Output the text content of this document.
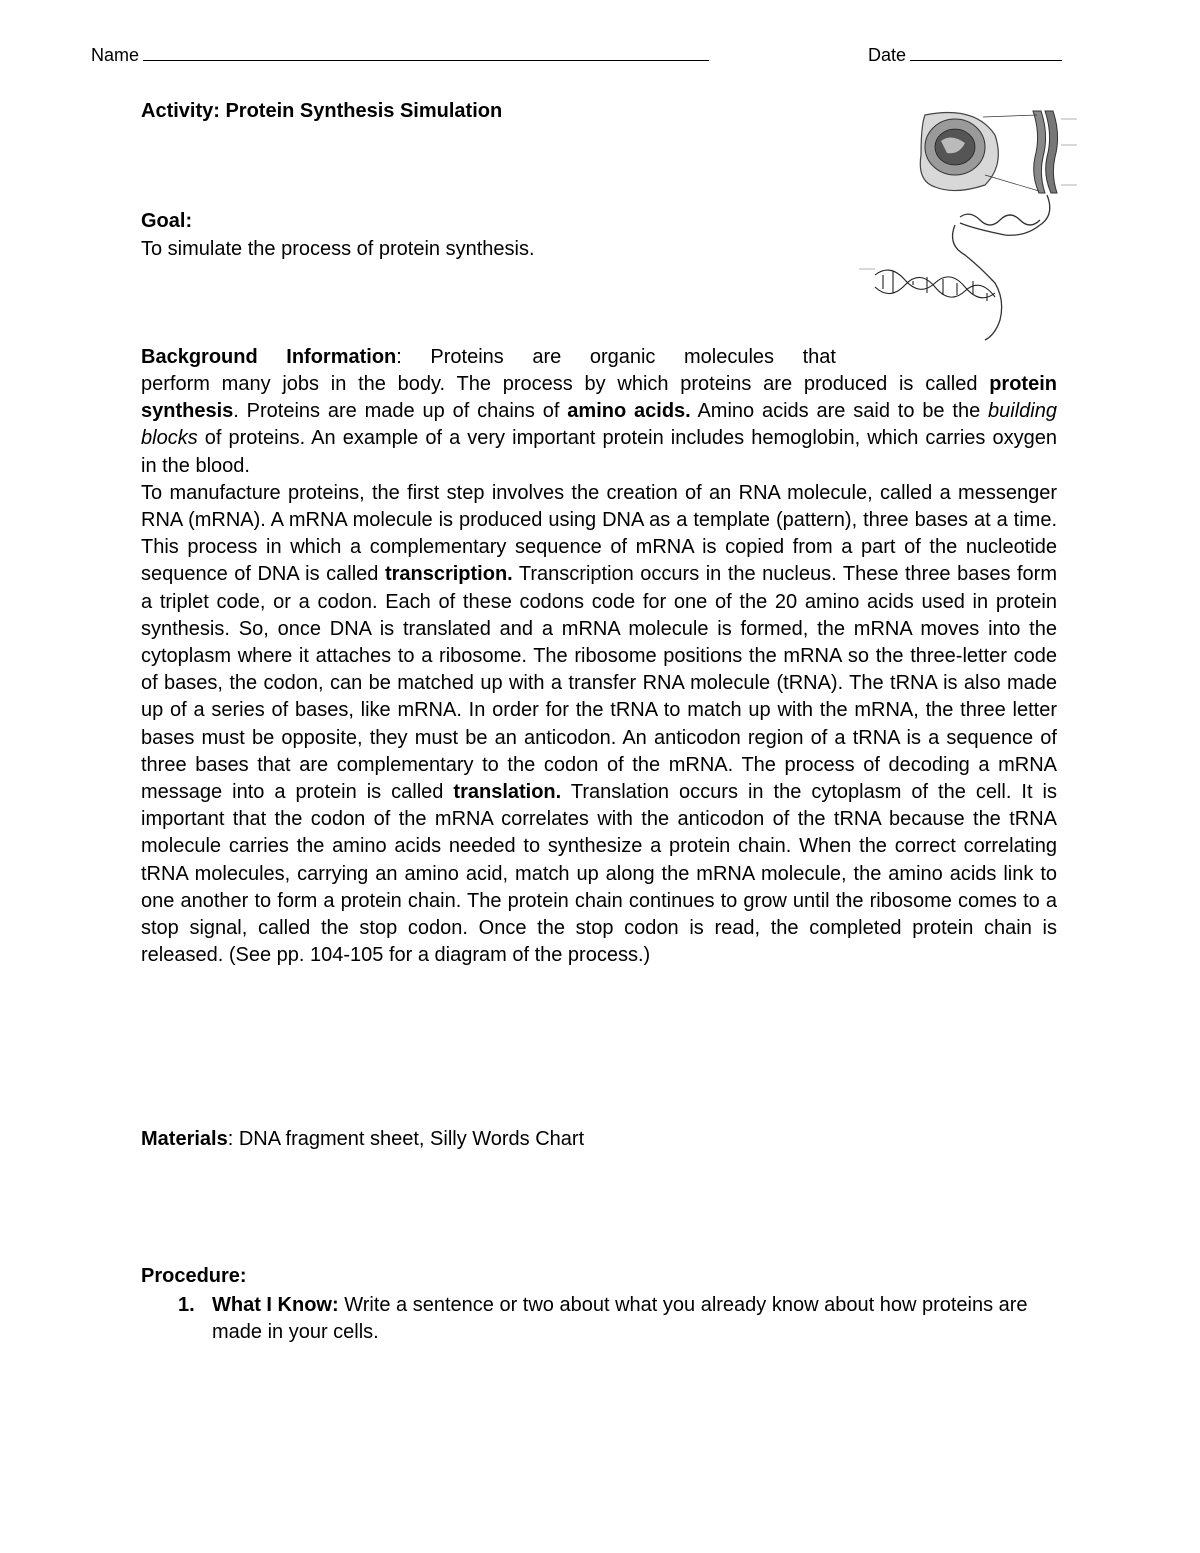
Name	Date
Activity: Protein Synthesis Simulation
Goal:
To simulate the process of protein synthesis.
Background Information: Proteins are organic molecules that

perform many jobs in the body. The process by which proteins are produced is called protein synthesis. Proteins are made up of chains of amino acids. Amino acids are said to be the building blocks of proteins. An example of a very important protein includes hemoglobin, which carries oxygen in the blood.

To manufacture proteins, the first step involves the creation of an RNA molecule, called a messenger RNA (mRNA). A mRNA molecule is produced using DNA as a template (pattern), three bases at a time. This process in which a complementary sequence of mRNA is copied from a part of the nucleotide sequence of DNA is called transcription. Transcription occurs in the nucleus. These three bases form a triplet code, or a codon. Each of these codons code for one of the 20 amino acids used in protein synthesis. So, once DNA is translated and a mRNA molecule is formed, the mRNA moves into the cytoplasm where it attaches to a ribosome. The ribosome positions the mRNA so the three-letter code of bases, the codon, can be matched up with a transfer RNA molecule (tRNA). The tRNA is also made up of a series of bases, like mRNA. In order for the tRNA to match up with the mRNA, the three letter bases must be opposite, they must be an anticodon. An anticodon region of a tRNA is a sequence of three bases that are complementary to the codon of the mRNA. The process of decoding a mRNA message into a protein is called translation. Translation occurs in the cytoplasm of the cell. It is important that the codon of the mRNA correlates with the anticodon of the tRNA because the tRNA molecule carries the amino acids needed to synthesize a protein chain. When the correct correlating tRNA molecules, carrying an amino acid, match up along the mRNA molecule, the amino acids link to one another to form a protein chain. The protein chain continues to grow until the ribosome comes to a stop signal, called the stop codon. Once the stop codon is read, the completed protein chain is released. (See pp. 104-105 for a diagram of the process.)

Materials: DNA fragment sheet, Silly Words Chart
Procedure:
1. What I Know: Write a sentence or two about what you already know about how proteins are made in your cells.
